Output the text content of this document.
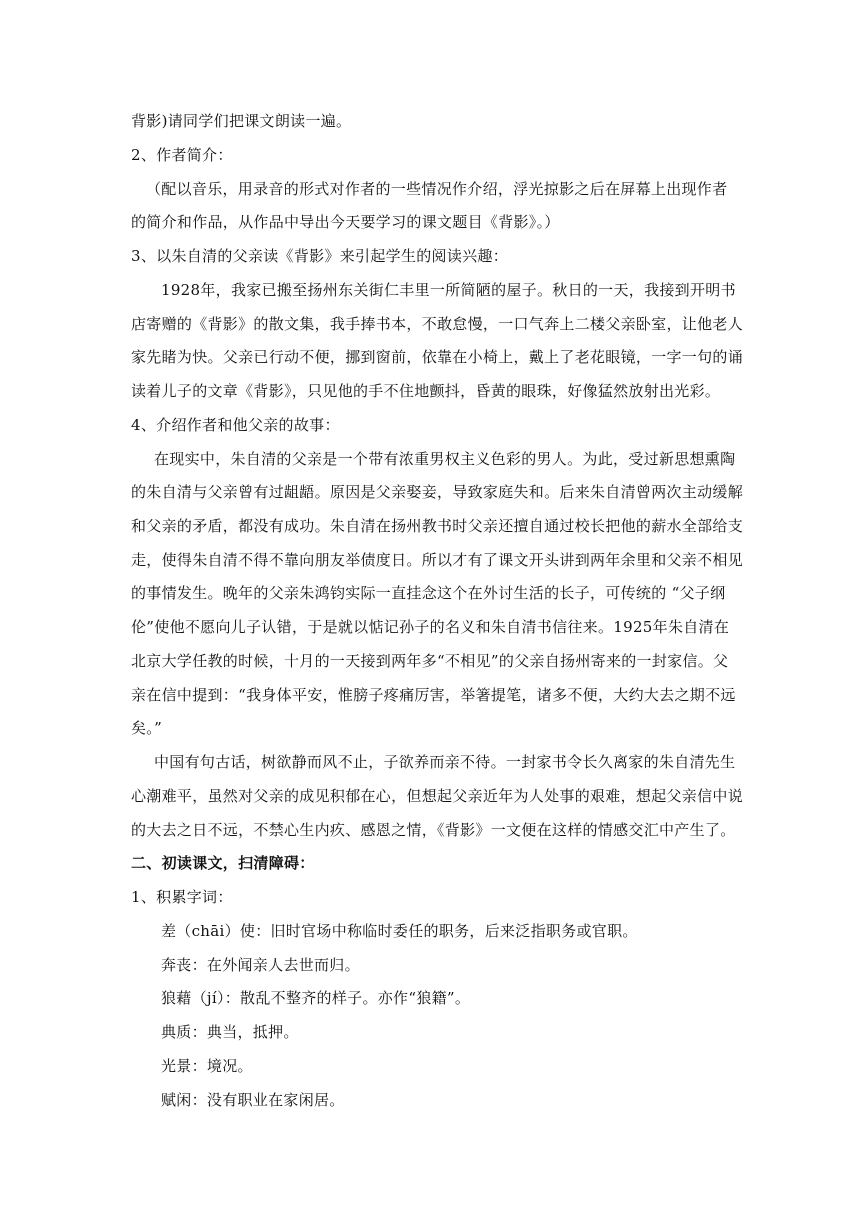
背影)请同学们把课文朗读一遍。
2、作者简介：
（配以音乐，用录音的形式对作者的一些情况作介绍，浮光掠影之后在屏幕上出现作者
的简介和作品，从作品中导出今天要学习的课文题目《背影》。）
3、以朱自清的父亲读《背影》来引起学生的阅读兴趣：
1928年，我家已搬至扬州东关街仁丰里一所简陋的屋子。秋日的一天，我接到开明书
店寄赠的《背影》的散文集，我手捧书本，不敢怠慢，一口气奔上二楼父亲卧室，让他老人
家先睹为快。父亲已行动不便，挪到窗前，依靠在小椅上，戴上了老花眼镜，一字一句的诵
读着儿子的文章《背影》，只见他的手不住地颤抖，昏黄的眼珠，好像猛然放射出光彩。
4、介绍作者和他父亲的故事：
在现实中，朱自清的父亲是一个带有浓重男权主义色彩的男人。为此，受过新思想熏陶
的朱自清与父亲曾有过龃龉。原因是父亲娶妾，导致家庭失和。后来朱自清曾两次主动缓解
和父亲的矛盾，都没有成功。朱自清在扬州教书时父亲还擅自通过校长把他的薪水全部给支
走，使得朱自清不得不靠向朋友举债度日。所以才有了课文开头讲到两年余里和父亲不相见
的事情发生。晚年的父亲朱鸿钧实际一直挂念这个在外讨生活的长子，可传统的 “父子纲
伦”使他不愿向儿子认错，于是就以惦记孙子的名义和朱自清书信往来。1925年朱自清在
北京大学任教的时候，十月的一天接到两年多“不相见”的父亲自扬州寄来的一封家信。父
亲在信中提到：“我身体平安，惟膀子疼痛厉害，举箸提笔，诸多不便，大约大去之期不远
矣。”
中国有句古话，树欲静而风不止，子欲养而亲不待。一封家书令长久离家的朱自清先生
心潮难平，虽然对父亲的成见积郁在心，但想起父亲近年为人处事的艰难，想起父亲信中说
的大去之日不远，不禁心生内疚、感恩之情，《背影》一文便在这样的情感交汇中产生了。
二、初读课文，扫清障碍：
1、积累字词：
差（chāi）使：旧时官场中称临时委任的职务，后来泛指职务或官职。
奔丧：在外闻亲人去世而归。
狼藉（jí）：散乱不整齐的样子。亦作“狼籍”。
典质：典当，抵押。
光景：境况。
赋闲：没有职业在家闲居。
